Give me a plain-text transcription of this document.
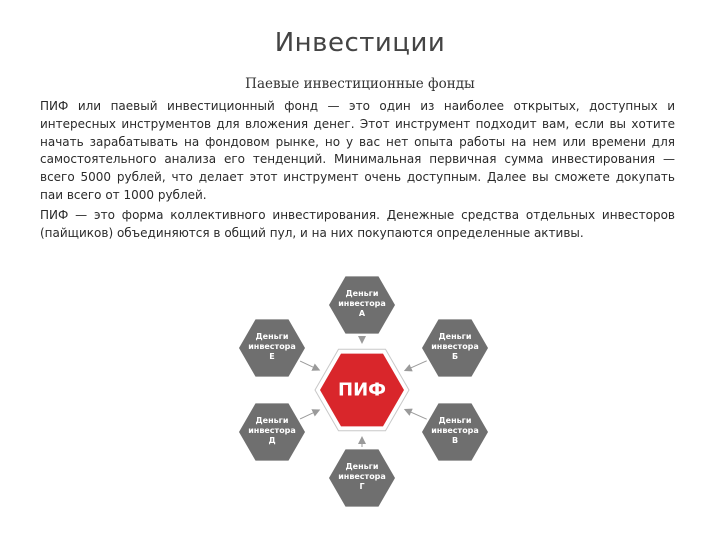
Инвестиции
Паевые инвестиционные фонды

ПИФ или паевый инвестиционный фонд — это один из наиболее открытых, доступных и интересных инструментов для вложения денег. Этот инструмент подходит вам, если вы хотите начать зарабатывать на фондовом рынке, но у вас нет опыта работы на нем или времени для самостоятельного анализа его тенденций. Минимальная первичная сумма инвестирования — всего 5000 рублей, что делает этот инструмент очень доступным. Далее вы сможете докупать паи всего от 1000 рублей.

ПИФ — это форма коллективного инвестирования. Денежные средства отдельных инвесторов (пайщиков) объединяются в общий пул, и на них покупаются определенные активы.

ПИФ
Деньги инвестора А
Деньги инвестора Б
Деньги инвестора В
Деньги инвестора Г
Деньги инвестора Д
Деньги инвестора Е
